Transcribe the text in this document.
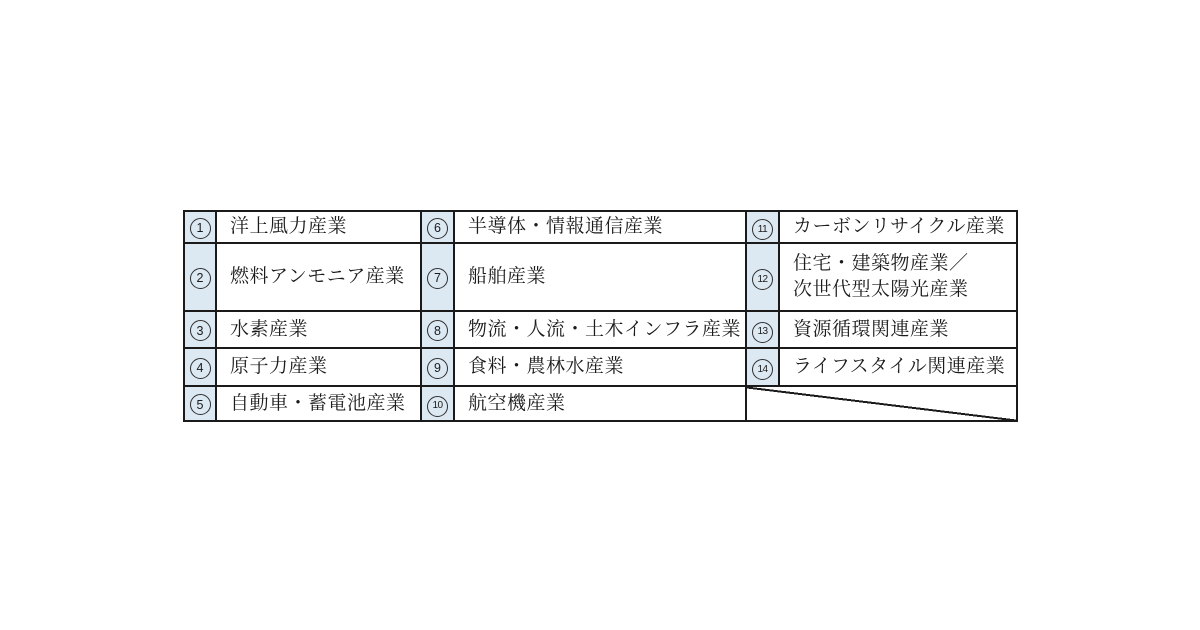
1	洋上風力産業	6	半導体・情報通信産業	11	カーボンリサイクル産業
2	燃料アンモニア産業	7	船舶産業	12	住宅・建築物産業／
次世代型太陽光産業

3	水素産業	8	物流・人流・土木インフラ産業	13	資源循環関連産業
4	原子力産業	9	食料・農林水産業	14	ライフスタイル関連産業
5	自動車・蓄電池産業	10	航空機産業		
